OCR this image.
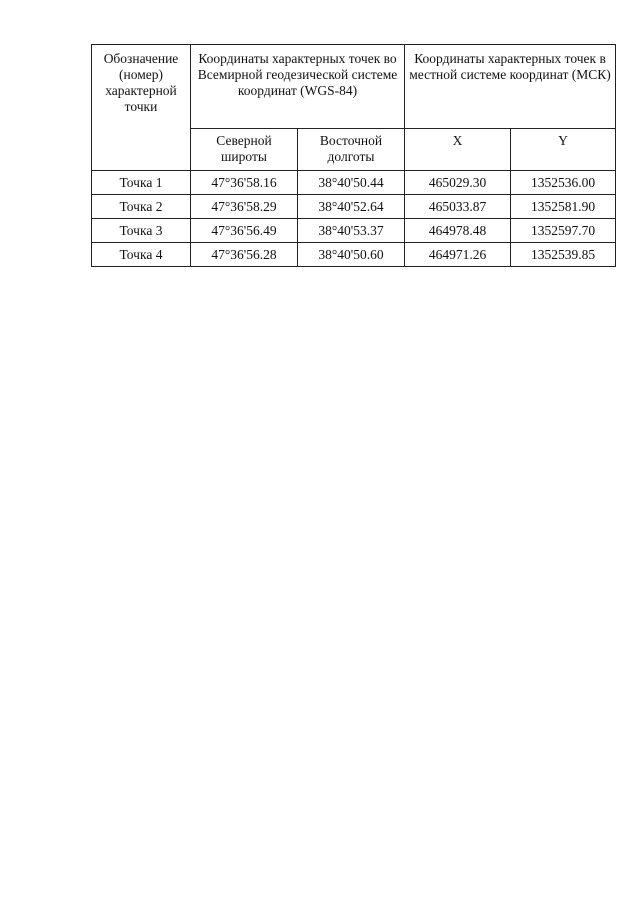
Обозначение (номер) характерной точки	Координаты характерных точек во Всемирной геодезической системе координат (WGS-84)		Координаты характерных точек в местной системе координат (МСК)	
	Северной широты	Восточной долготы	X	Y
Точка 1	47°36'58.16	38°40'50.44	465029.30	1352536.00
Точка 2	47°36'58.29	38°40'52.64	465033.87	1352581.90
Точка 3	47°36'56.49	38°40'53.37	464978.48	1352597.70
Точка 4	47°36'56.28	38°40'50.60	464971.26	1352539.85
